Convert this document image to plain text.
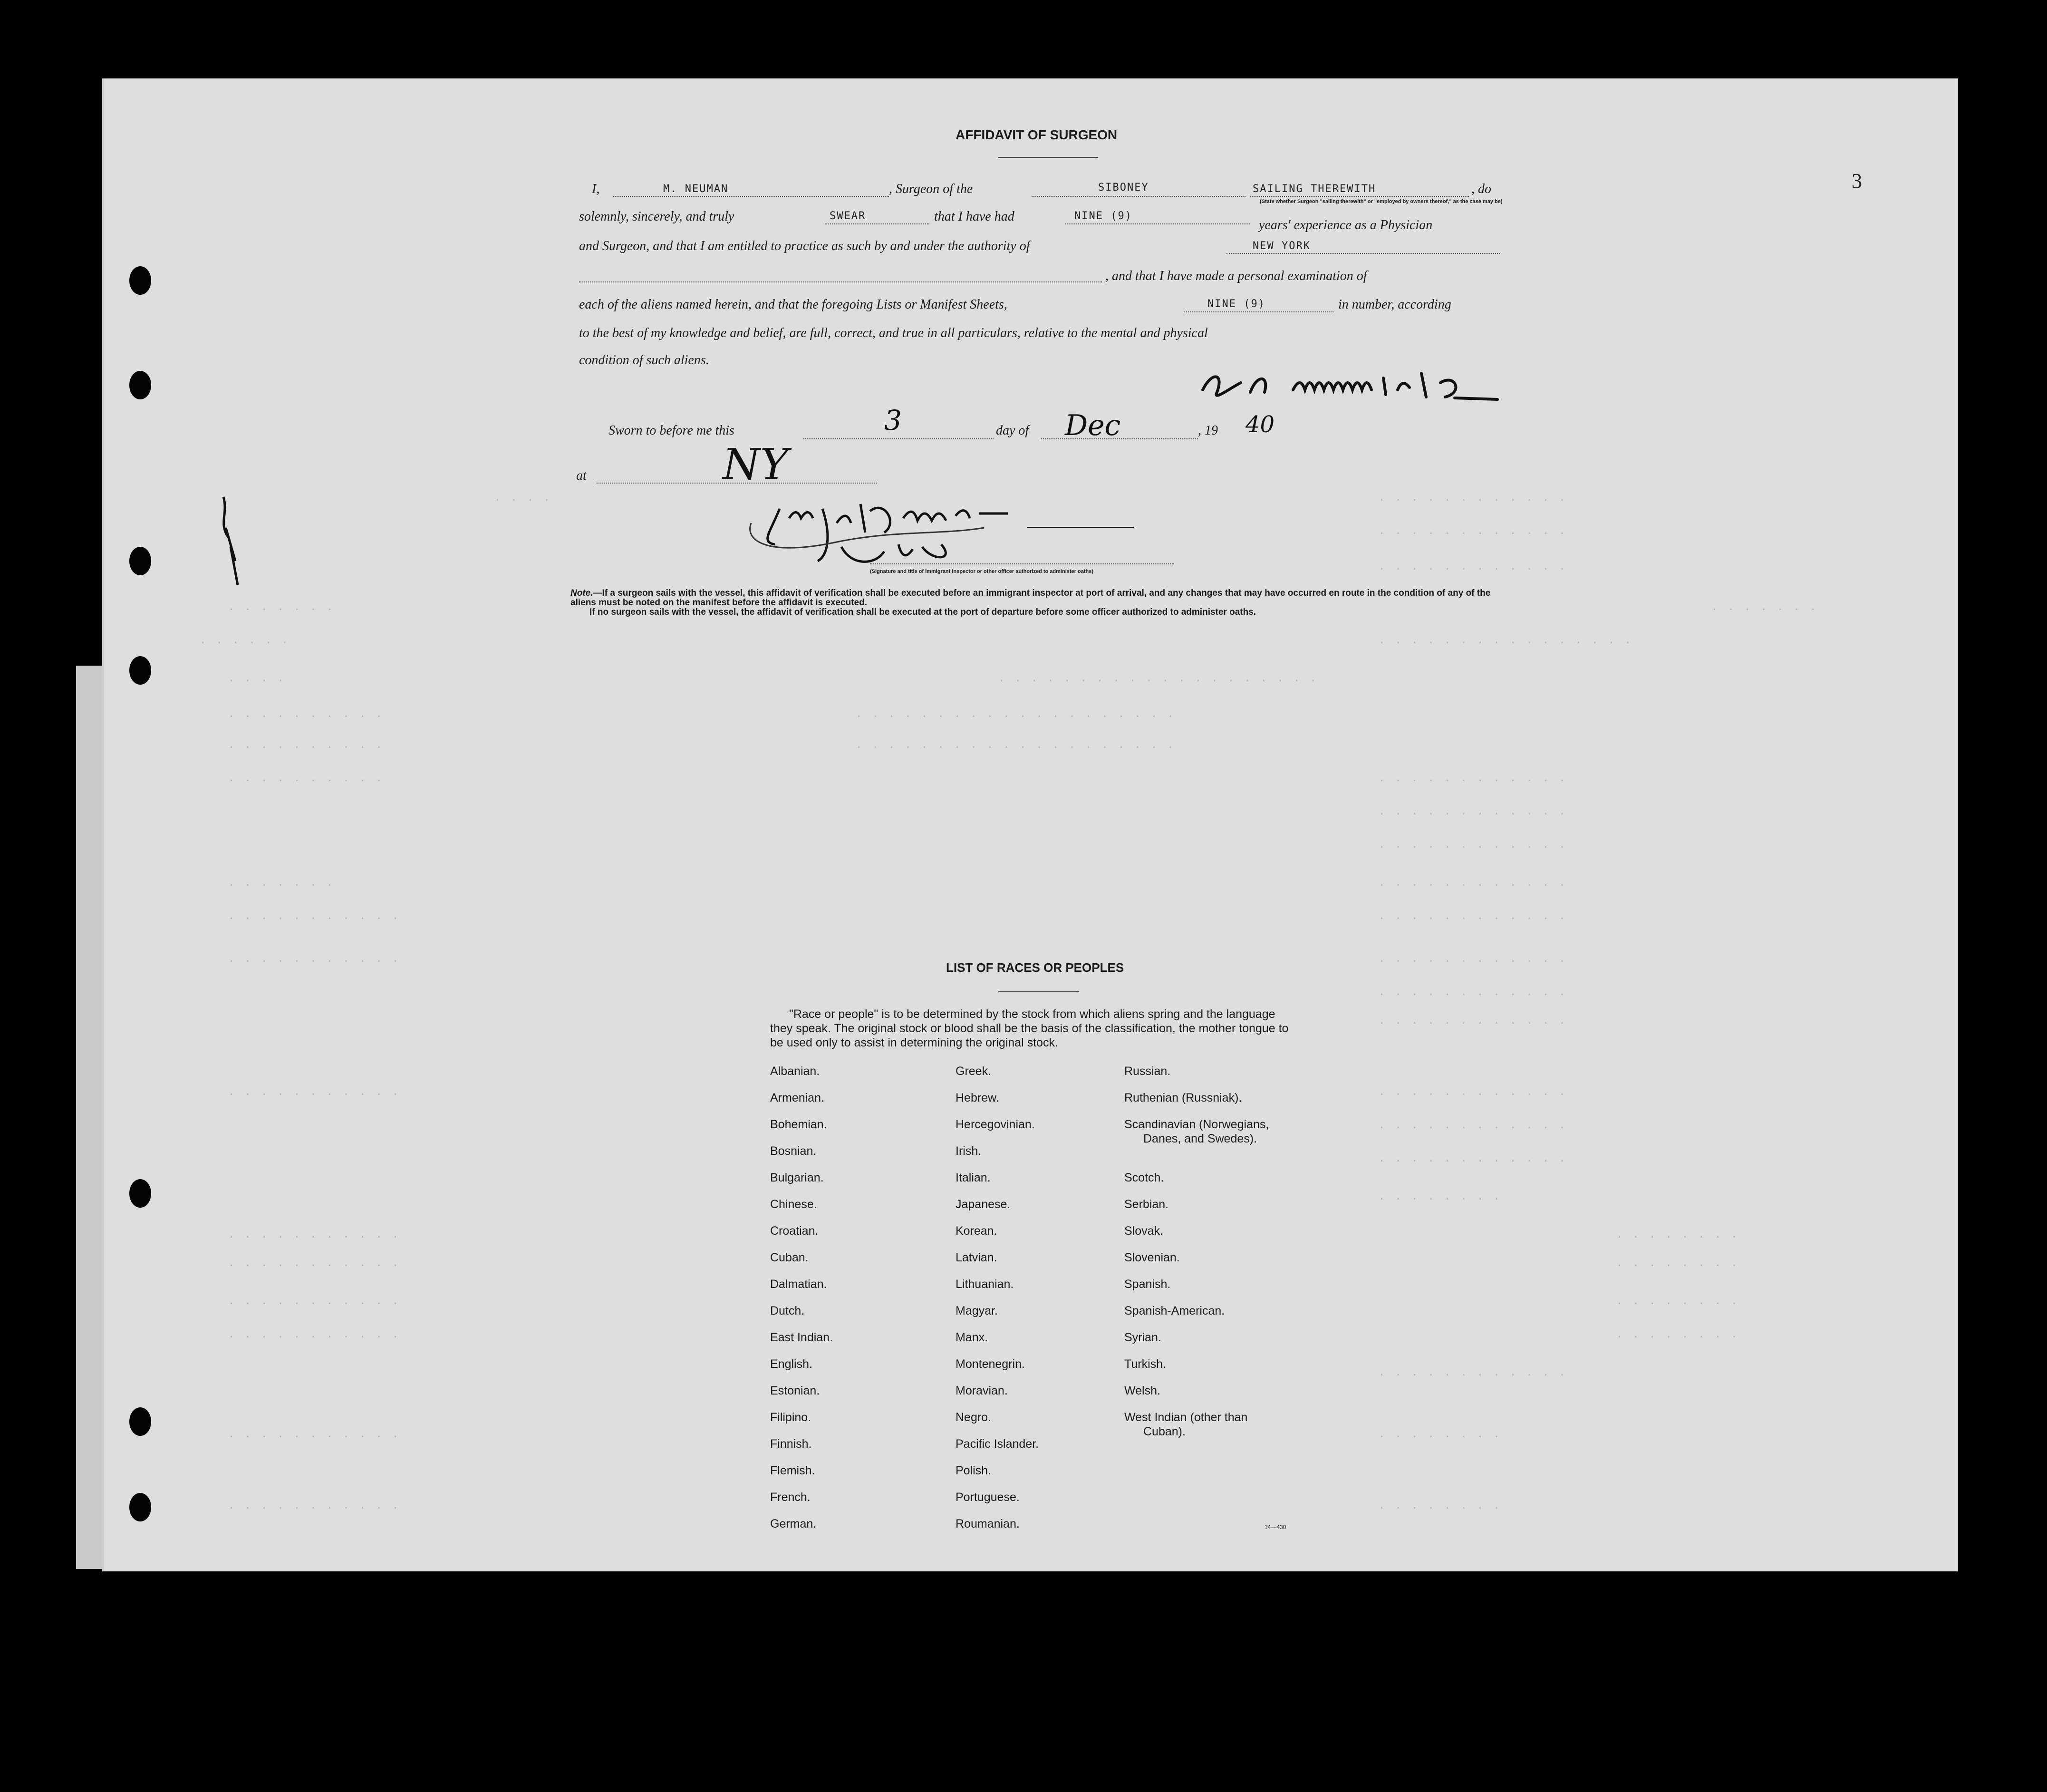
· · · ·	· · · · · · · · · · · ·
· · · · · · · · · · · ·
· · · · · · · · · · · ·
· · · · · · ·	· · · · · · ·
· · · · · ·	· · · · · · · · · · · · · · · ·
· · · ·	· · · · · · · · · · · · · · · · · · · ·
· · · · · · · · · ·	· · · · · · · · · · · · · · · · · · · ·
· · · · · · · · · ·	· · · · · · · · · · · · · · · · · · · ·
· · · · · · · · · ·	· · · · · · · · · · · ·
· · · · · · · · · · · ·
· · · · · · · · · · · ·
· · · · · · ·	· · · · · · · · · · · ·
· · · · · · · · · · ·	· · · · · · · · · · · ·
· · · · · · · · · · ·	· · · · · · · · · · · ·
· · · · · · · · · · · ·
· · · · · · · · · · · ·
· · · · · · · · · · ·	· · · · · · · · · · · ·
· · · · · · · · · · · ·
· · · · · · · · · · · ·
· · · · · · · ·
· · · · · · · · · · ·	· · · · · · · ·
· · · · · · · · · · ·	· · · · · · · ·
· · · · · · · · · · ·	· · · · · · · ·
· · · · · · · · · · ·	· · · · · · · ·
· · · · · · · · · · · ·
· · · · · · · · · · ·	· · · · · · · ·
· · · · · · · · · · ·	· · · · · · · ·
3
AFFIDAVIT OF SURGEON
I,	M. NEUMAN	, Surgeon of the	SIBONEY	SAILING THEREWITH	, do
(State whether Surgeon "sailing therewith" or "employed by owners thereof," as the case may be)
solemnly, sincerely, and truly	SWEAR	that I have had	NINE (9)
years' experience as a Physician
and Surgeon, and that I am entitled to practice as such by and under the authority of	NEW YORK
, and that I have made a personal examination of
each of the aliens named herein, and that the foregoing Lists or Manifest Sheets,	NINE (9)	in number, according
to the best of my knowledge and belief, are full, correct, and true in all particulars, relative to the mental and physical
condition of such aliens.
Sworn to before me this	3	day of Dec	, 19 40
at	NY
(Signature and title of immigrant inspector or other officer authorized to administer oaths)
Note.—If a surgeon sails with the vessel, this affidavit of verification shall be executed before an immigrant inspector at port of arrival, and any changes that may have occurred en route in the condition of any of the aliens must be noted on the manifest before the affidavit is executed.
If no surgeon sails with the vessel, the affidavit of verification shall be executed at the port of departure before some officer authorized to administer oaths.
LIST OF RACES OR PEOPLES
"Race or people" is to be determined by the stock from which aliens spring and the language they speak. The original stock or blood shall be the basis of the classification, the mother tongue to be used only to assist in determining the original stock.
Albanian.
Armenian.
Bohemian.
Bosnian.
Bulgarian.
Chinese.
Croatian.
Cuban.
Dalmatian.
Dutch.
East Indian.
English.
Estonian.
Filipino.
Finnish.
Flemish.
French.
German.
Greek.
Hebrew.
Hercegovinian.
Irish.
Italian.
Japanese.
Korean.
Latvian.
Lithuanian.
Magyar.
Manx.
Montenegrin.
Moravian.
Negro.
Pacific Islander.
Polish.
Portuguese.
Roumanian.
Russian.
Ruthenian (Russniak).
Scandinavian (Norwegians,
Danes, and Swedes).
Scotch.
Serbian.
Slovak.
Slovenian.
Spanish.
Spanish-American.
Syrian.
Turkish.
Welsh.
West Indian (other than
Cuban).
14—430
